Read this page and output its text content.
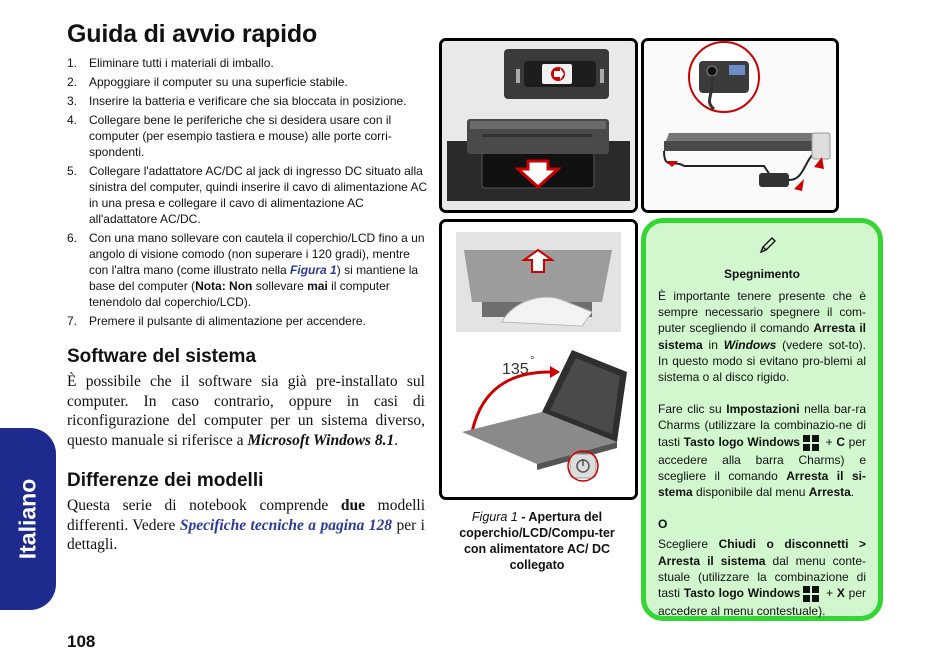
Guida di avvio rapido
1. Eliminare tutti i materiali di imballo.
2. Appoggiare il computer su una superficie stabile.
3. Inserire la batteria e verificare che sia bloccata in posizione.
4. Collegare bene le periferiche che si desidera usare con il computer (per esempio tastiera e mouse) alle porte corri-spondenti.
5. Collegare l'adattatore AC/DC al jack di ingresso DC situato alla sinistra del computer, quindi inserire il cavo di alimentazione AC in una presa e collegare il cavo di alimentazione AC all'adattatore AC/DC.
6. Con una mano sollevare con cautela il coperchio/LCD fino a un angolo di visione comodo (non superare i 120 gradi), mentre con l'altra mano (come illustrato nella Figura 1) si mantiene la base del computer (Nota: Non sollevare mai il computer tenendolo dal coperchio/LCD).
7. Premere il pulsante di alimentazione per accendere.
Software del sistema
È possibile che il software sia già pre-installato sul computer. In caso contrario, oppure in casi di riconfigurazione del computer per un sistema diverso, questo manuale si riferisce a Microsoft Windows 8.1.
Differenze dei modelli
Questa serie di notebook comprende due modelli differenti. Vedere Specifiche tecniche a pagina 128 per i dettagli.
Italiano
108
135 °
Figura 1 - Apertura del coperchio/LCD/Compu-ter con alimentatore AC/ DC collegato
Spegnimento

È importante tenere presente che è sempre necessario spegnere il com-puter scegliendo il comando Arresta il sistema in Windows (vedere sot-to). In questo modo si evitano pro-blemi al sistema o al disco rigido.

Fare clic su Impostazioni nella bar-ra Charms (utilizzare la combinazio-ne di tasti Tasto logo Windows
+ C per accedere alla barra Charms) e scegliere il comando Arresta il si-stema disponibile dal menu Arresta.

O

Scegliere Chiudi o disconnetti > Arresta il sistema dal menu conte-stuale (utilizzare la combinazione di tasti Tasto logo Windows
+ X per accedere al menu contestuale).
